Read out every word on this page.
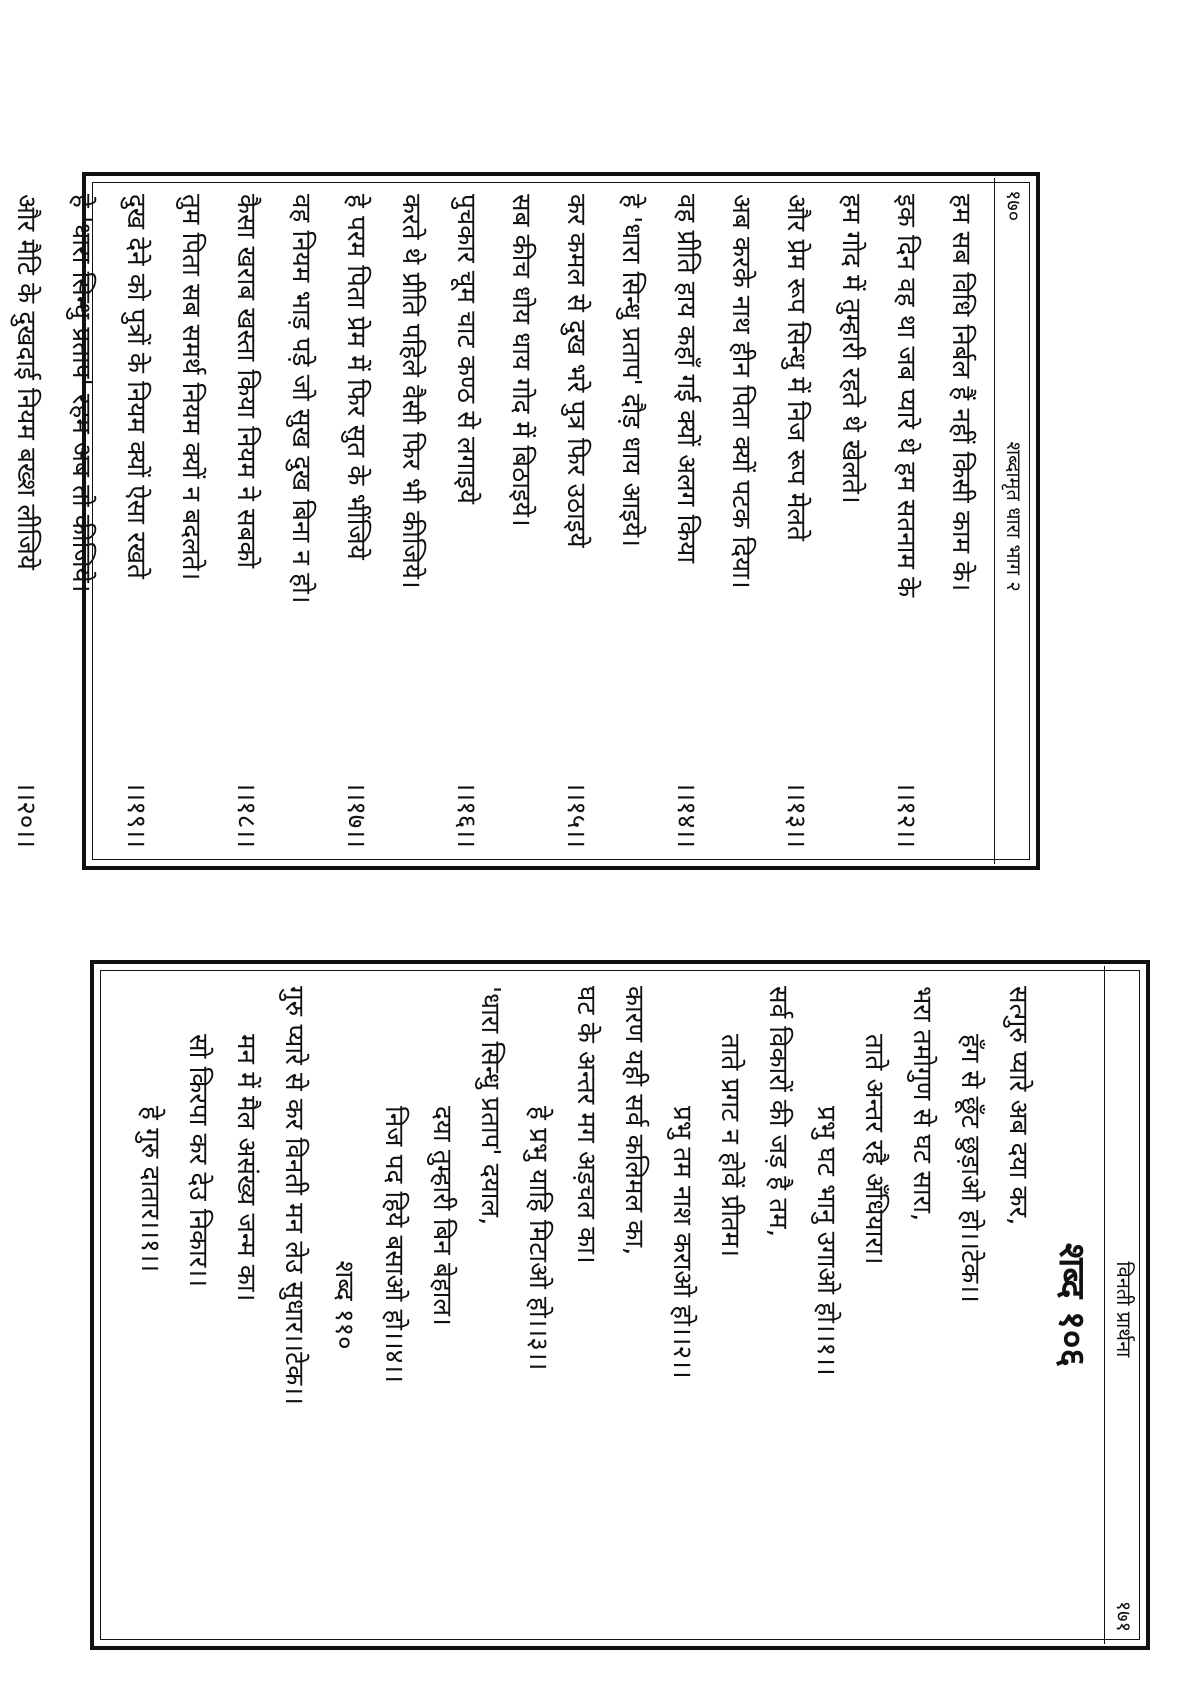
१७०
शब्दामृत धारा भाग २
हम सब विधि निर्बल हैं नहीं किसी काम के।
इक दिन वह था जब प्यारे थे हम सतनाम के
।।१२।।
हम गोद में तुम्हारी रहते थे खेलते।
और प्रेम रूप सिन्धु में निज रूप मेलते
।।१३।।
अब करके नाथ हीन पिता क्यों पटक दिया।
वह प्रीति हाय कहाँ गई क्यों अलग किया
।।१४।।
हे 'धारा सिन्धु प्रताप' दौड़ धाय आइये।
कर कमल से दुख भरे पुत्र फिर उठाइये
।।१५।।
सब कीच धोय धाय गोद में बिठाइये।
पुचकार चूम चाट कण्ठ से लगाइये
।।१६।।
करते थे प्रीति पहिले वैसी फिर भी कीजिये।
हे परम पिता प्रेम में फिर सुत के भींजिये
।।१७।।
वह नियम भाड़ पड़े जो सुख दुख बिना न हो।
कैसा खराब खस्ता किया नियम ने सबको
।।१८।।
तुम पिता सब समर्थ नियम क्यों न बदलते।
दुख देने को पुत्रों के नियम क्यों ऐसा रखते
।।१९।।
हे 'धारा सिन्धु प्रताप' रहम अब तो कीजिये।
और मैटि के दुखदाई नियम बख्श लीजिये
।।२०।।
विनती प्रार्थना
१७१
शब्द १०६
सत्गुरु प्यारे अब दया कर,
हँग से छूँट छुड़ाओ हो।।टेक।।
भरा तमोगुण से घट सारा,
ताते अन्तर रहै अँधियारा।
प्रभु घट भानु उगाओ हो।।१।।
सर्व विकारों की जड़ है तम,
ताते प्रगट न होवें प्रीतम।
प्रभु तम नाश कराओ हो।।२।।
कारण यही सर्व कलिमल का,
घट के अन्तर मग अड़चल का।
हे प्रभु याहि मिटाओ हो।।३।।
'धारा सिन्धु प्रताप' दयाल,
दया तुम्हारी बिन बेहाल।
निज पद हिये बसाओ हो।।४।।
शब्द ११०
गुरु प्यारे से कर विनती मन लेउ सुधार।।टेक।।
मन में मैल असंख्य जन्म का।
सो किरपा कर देउ निकार।।
हे गुरु दातार।।१।।
